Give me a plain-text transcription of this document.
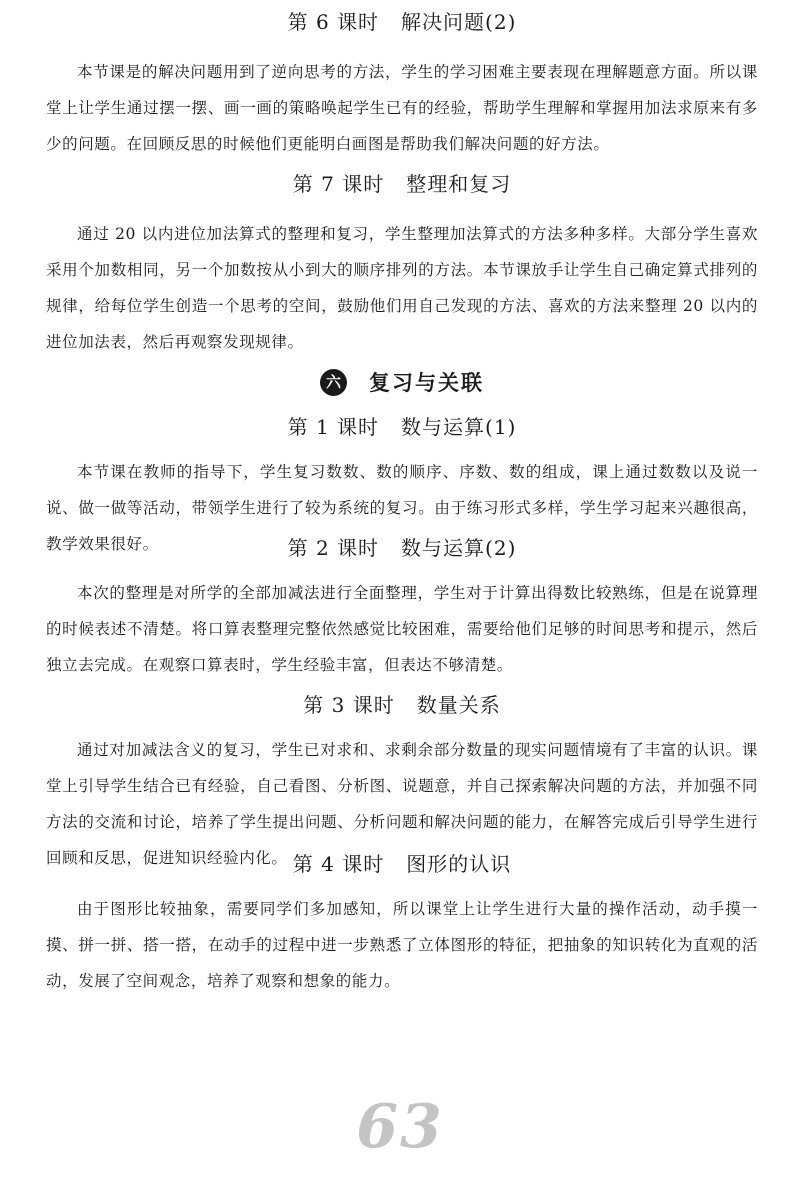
第 6 课时 解决问题(2)

本节课是的解决问题用到了逆向思考的方法，学生的学习困难主要表现在理解题意方面。所以课堂上让学生通过摆一摆、画一画的策略唤起学生已有的经验，帮助学生理解和掌握用加法求原来有多少的问题。在回顾反思的时候他们更能明白画图是帮助我们解决问题的好方法。

第 7 课时 整理和复习

通过 20 以内进位加法算式的整理和复习，学生整理加法算式的方法多种多样。大部分学生喜欢采用个加数相同，另一个加数按从小到大的顺序排列的方法。本节课放手让学生自己确定算式排列的规律，给每位学生创造一个思考的空间，鼓励他们用自己发现的方法、喜欢的方法来整理 20 以内的进位加法表，然后再观察发现规律。

六 复习与关联
第 1 课时 数与运算(1)

本节课在教师的指导下，学生复习数数、数的顺序、序数、数的组成，课上通过数数以及说一说、做一做等活动，带领学生进行了较为系统的复习。由于练习形式多样，学生学习起来兴趣很高，教学效果很好。	第 2 课时 数与运算(2)

本次的整理是对所学的全部加减法进行全面整理，学生对于计算出得数比较熟练，但是在说算理的时候表述不清楚。将口算表整理完整依然感觉比较困难，需要给他们足够的时间思考和提示，然后独立去完成。在观察口算表时，学生经验丰富，但表达不够清楚。

第 3 课时 数量关系

通过对加减法含义的复习，学生已对求和、求剩余部分数量的现实问题情境有了丰富的认识。课堂上引导学生结合已有经验，自己看图、分析图、说题意，并自己探索解决问题的方法，并加强不同方法的交流和讨论，培养了学生提出问题、分析问题和解决问题的能力，在解答完成后引导学生进行回顾和反思，促进知识经验内化。 第 4 课时 图形的认识

由于图形比较抽象，需要同学们多加感知，所以课堂上让学生进行大量的操作活动，动手摸一摸、拼一拼、搭一搭，在动手的过程中进一步熟悉了立体图形的特征，把抽象的知识转化为直观的活动，发展了空间观念，培养了观察和想象的能力。

63
